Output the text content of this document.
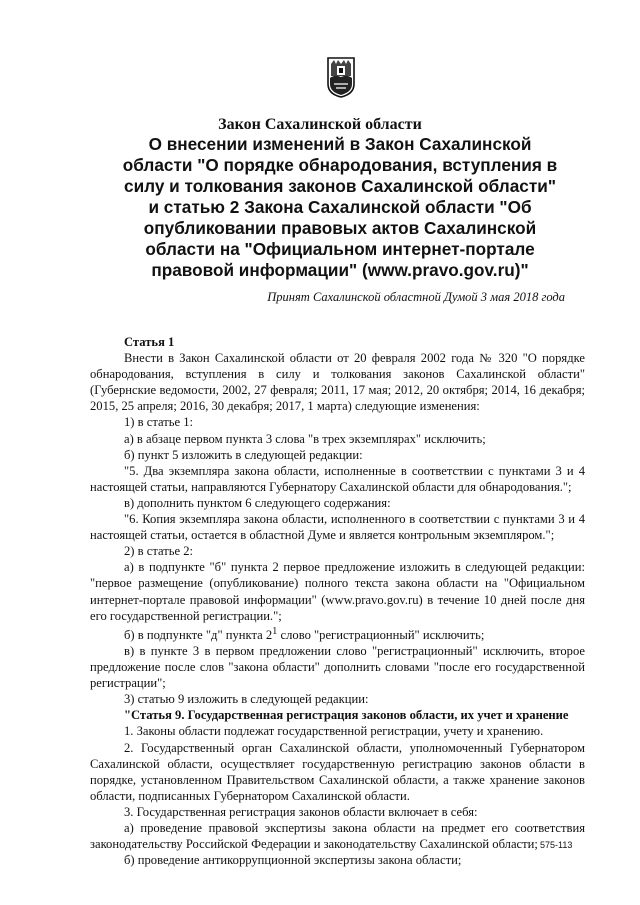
Закон Сахалинской области

О внесении изменений в Закон Сахалинской
области "О порядке обнародования, вступления в
силу и толкования законов Сахалинской области"
и статью 2 Закона Сахалинской области "Об
опубликовании правовых актов Сахалинской
области на "Официальном интернет-портале
правовой информации" (www.pravo.gov.ru)"

Принят Сахалинской областной Думой 3 мая 2018 года

Статья 1

Внести в Закон Сахалинской области от 20 февраля 2002 года № 320 "О порядке обнародования, вступления в силу и толкования законов Сахалинской области" (Губернские ведомости, 2002, 27 февраля; 2011, 17 мая; 2012, 20 октября; 2014, 16 декабря; 2015, 25 апреля; 2016, 30 декабря; 2017, 1 марта) следующие изменения:

1) в статье 1:

а) в абзаце первом пункта 3 слова "в трех экземплярах" исключить;

б) пункт 5 изложить в следующей редакции:

"5. Два экземпляра закона области, исполненные в соответствии с пунктами 3 и 4 настоящей статьи, направляются Губернатору Сахалинской области для обнародования.";

в) дополнить пунктом 6 следующего содержания:

"6. Копия экземпляра закона области, исполненного в соответствии с пунктами 3 и 4 настоящей статьи, остается в областной Думе и является контрольным экземпляром.";

2) в статье 2:

а) в подпункте "б" пункта 2 первое предложение изложить в следующей редакции: "первое размещение (опубликование) полного текста закона области на "Официальном интернет-портале правовой информации" (www.pravo.gov.ru) в течение 10 дней после дня его государственной регистрации.";

б) в подпункте "д" пункта $2^1$ слово "регистрационный" исключить;

в) в пункте 3 в первом предложении слово "регистрационный" исключить, второе предложение после слов "закона области" дополнить словами "после его государственной регистрации";

3) статью 9 изложить в следующей редакции:

"Статья 9. Государственная регистрация законов области, их учет и хранение

1. Законы области подлежат государственной регистрации, учету и хранению.

2. Государственный орган Сахалинской области, уполномоченный Губернатором Сахалинской области, осуществляет государственную регистрацию законов области в порядке, установленном Правительством Сахалинской области, а также хранение законов области, подписанных Губернатором Сахалинской области.

3. Государственная регистрация законов области включает в себя:

а) проведение правовой экспертизы закона области на предмет его соответствия законодательству Российской Федерации и законодательству Сахалинской области;

б) проведение антикоррупционной экспертизы закона области;

575-113
